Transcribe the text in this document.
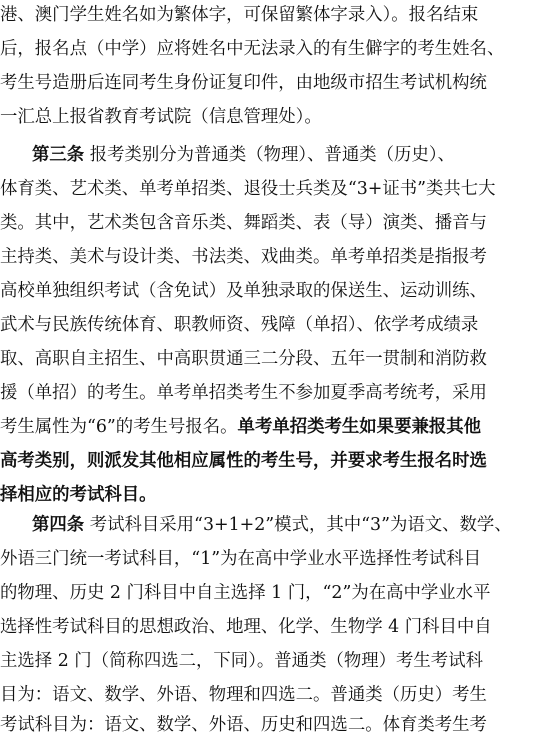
港、澳门学生姓名如为繁体字，可保留繁体字录入）。报名结束
后，报名点（中学）应将姓名中无法录入的有生僻字的考生姓名、
考生号造册后连同考生身份证复印件，由地级市招生考试机构统
一汇总上报省教育考试院（信息管理处）。
第三条 报考类别分为普通类（物理）、普通类（历史）、
体育类、艺术类、单考单招类、退役士兵类及“3+证书”类共七大
类。其中，艺术类包含音乐类、舞蹈类、表（导）演类、播音与
主持类、美术与设计类、书法类、戏曲类。单考单招类是指报考
高校单独组织考试（含免试）及单独录取的保送生、运动训练、
武术与民族传统体育、职教师资、残障（单招）、依学考成绩录
取、高职自主招生、中高职贯通三二分段、五年一贯制和消防救
援（单招）的考生。单考单招类考生不参加夏季高考统考，采用
考生属性为“6”的考生号报名。单考单招类考生如果要兼报其他
高考类别，则派发其他相应属性的考生号，并要求考生报名时选
择相应的考试科目。
第四条 考试科目采用“3+1+2”模式，其中“3”为语文、数学、
外语三门统一考试科目，“1”为在高中学业水平选择性考试科目
的物理、历史 2 门科目中自主选择 1 门，“2”为在高中学业水平
选择性考试科目的思想政治、地理、化学、生物学 4 门科目中自
主选择 2 门（简称四选二，下同）。普通类（物理）考生考试科
目为：语文、数学、外语、物理和四选二。普通类（历史）考生
考试科目为：语文、数学、外语、历史和四选二。体育类考生考
